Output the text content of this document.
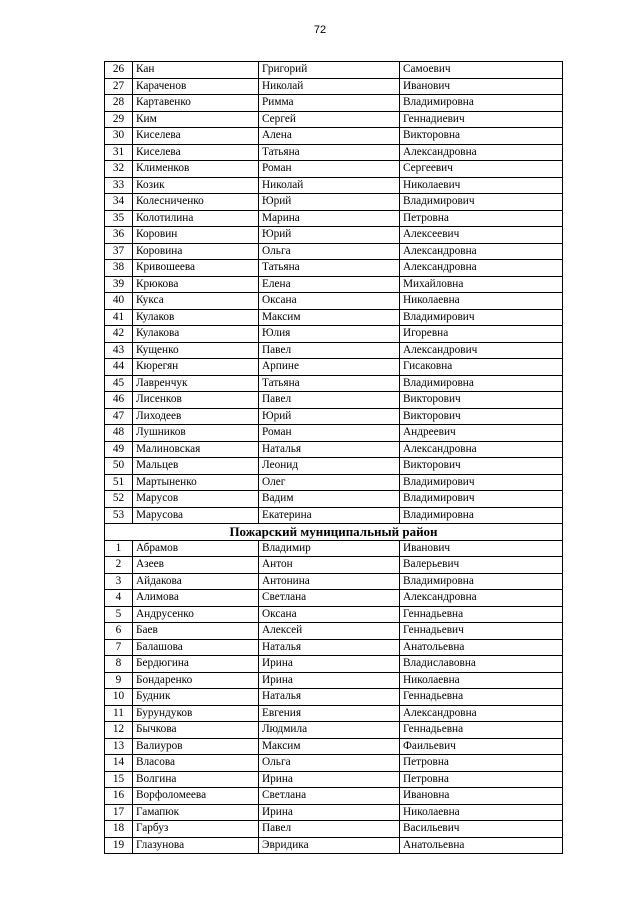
72
26	Кан	Григорий	Самоевич
27	Караченов	Николай	Иванович
28	Картавенко	Римма	Владимировна
29	Ким	Сергей	Геннадиевич
30	Киселева	Алена	Викторовна
31	Киселева	Татьяна	Александровна
32	Клименков	Роман	Сергеевич
33	Козик	Николай	Николаевич
34	Колесниченко	Юрий	Владимирович
35	Колотилина	Марина	Петровна
36	Коровин	Юрий	Алексеевич
37	Коровина	Ольга	Александровна
38	Кривошеева	Татьяна	Александровна
39	Крюкова	Елена	Михайловна
40	Кукса	Оксана	Николаевна
41	Кулаков	Максим	Владимирович
42	Кулакова	Юлия	Игоревна
43	Кущенко	Павел	Александрович
44	Кюрегян	Арпине	Гисаковна
45	Лавренчук	Татьяна	Владимировна
46	Лисенков	Павел	Викторович
47	Лиходеев	Юрий	Викторович
48	Лушников	Роман	Андреевич
49	Малиновская	Наталья	Александровна
50	Мальцев	Леонид	Викторович
51	Мартыненко	Олег	Владимирович
52	Марусов	Вадим	Владимирович
53	Марусова	Екатерина	Владимировна
Пожарский муниципальный район			
1	Абрамов	Владимир	Иванович
2	Азеев	Антон	Валерьевич
3	Айдакова	Антонина	Владимировна
4	Алимова	Светлана	Александровна
5	Андрусенко	Оксана	Геннадьевна
6	Баев	Алексей	Геннадьевич
7	Балашова	Наталья	Анатольевна
8	Бердюгина	Ирина	Владиславовна
9	Бондаренко	Ирина	Николаевна
10	Будник	Наталья	Геннадьевна
11	Бурундуков	Евгения	Александровна
12	Бычкова	Людмила	Геннадьевна
13	Валиуров	Максим	Фаильевич
14	Власова	Ольга	Петровна
15	Волгина	Ирина	Петровна
16	Ворфоломеева	Светлана	Ивановна
17	Гамапюк	Ирина	Николаевна
18	Гарбуз	Павел	Васильевич
19	Глазунова	Эвридика	Анатольевна
